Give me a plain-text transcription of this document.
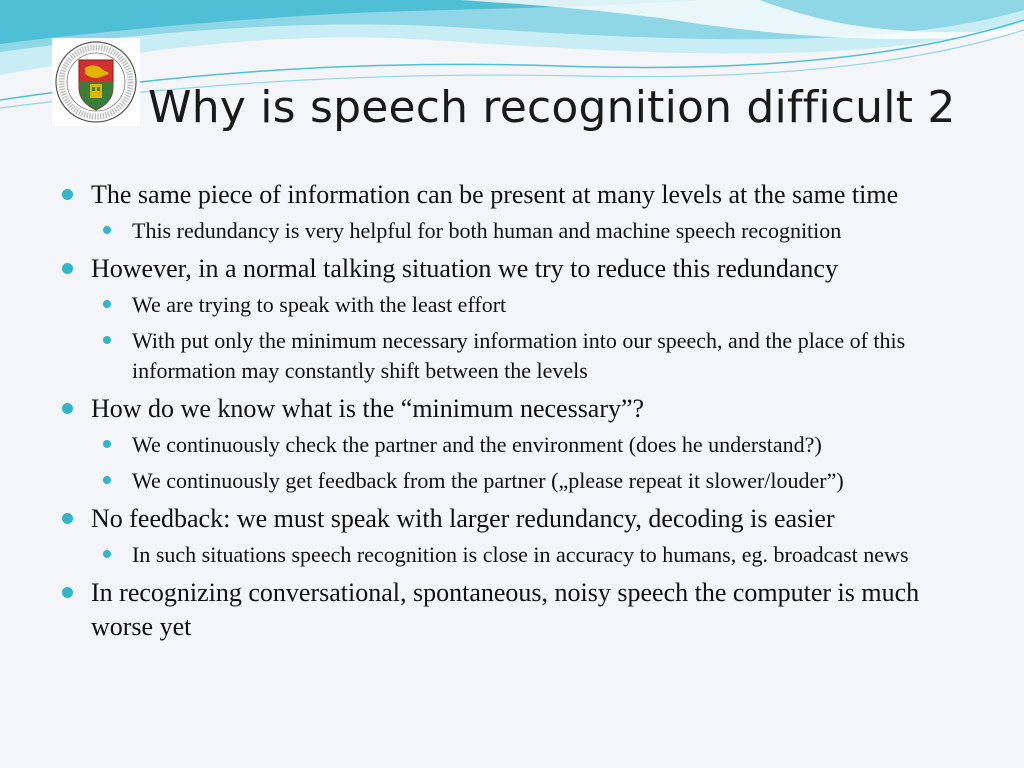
Why is speech recognition difficult 2
The same piece of information can be present at many levels at the same time
This redundancy is very helpful for both human and machine speech recognition
However, in a normal talking situation we try to reduce this redundancy
We are trying to speak with the least effort
With put only the minimum necessary information into our speech, and the place of this information may constantly shift between the levels
How do we know what is the “minimum necessary”?
We continuously check the partner and the environment (does he understand?)
We continuously get feedback from the partner („please repeat it slower/louder”)
No feedback: we must speak with larger redundancy, decoding is easier
In such situations speech recognition is close in accuracy to humans, eg. broadcast news
In recognizing conversational, spontaneous, noisy speech the computer is much worse yet
